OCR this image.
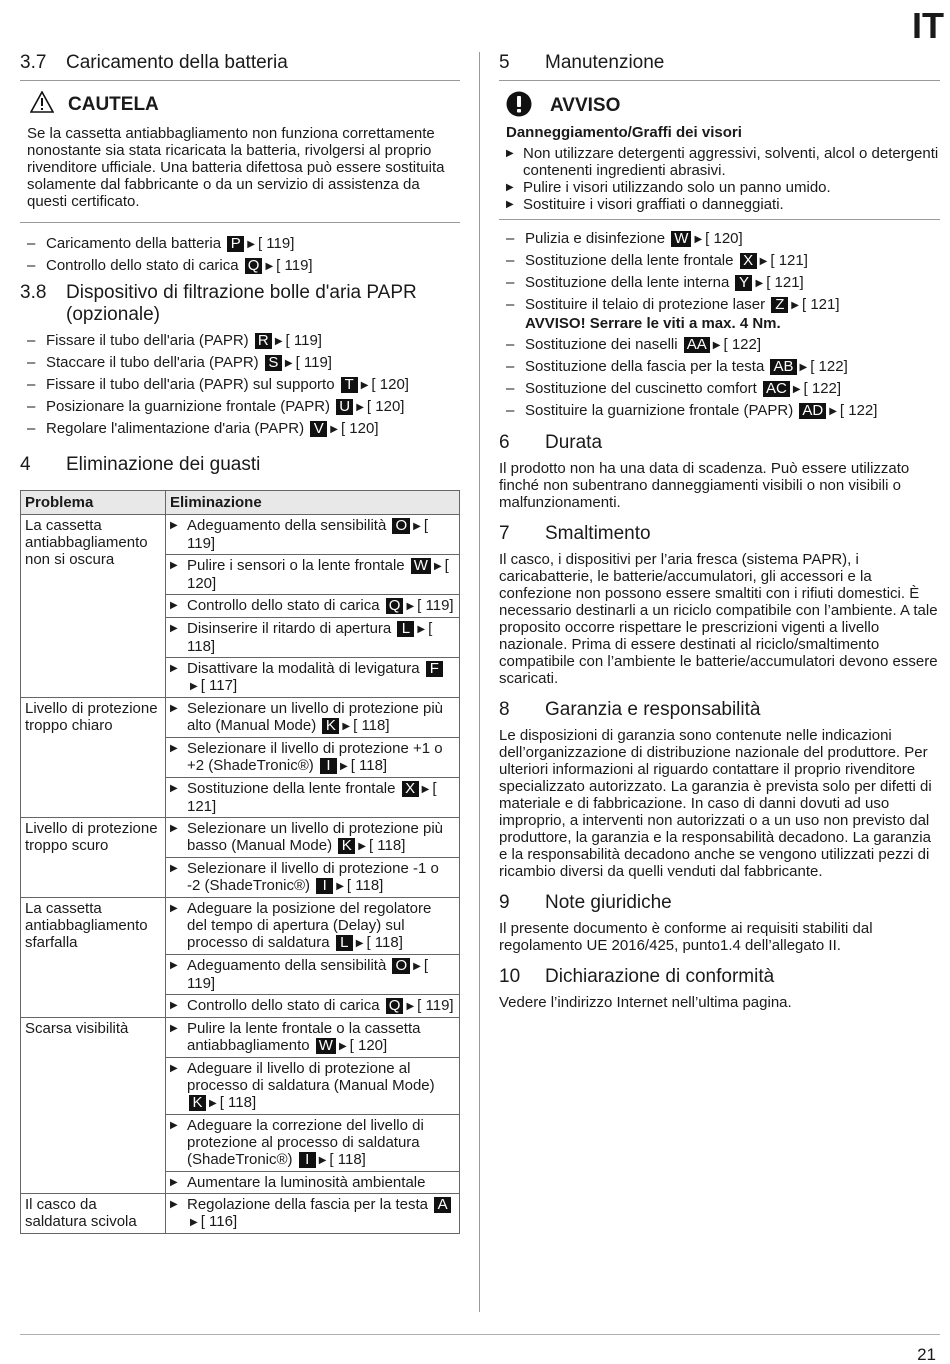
IT
3.7 Caricamento della batteria
CAUTELA
Se la cassetta antiabbagliamento non funziona correttamente nonostante sia stata ricaricata la batteria, rivolgersi al proprio rivenditore ufficiale. Una batteria difettosa può essere sostituita solamente dal fabbricante o da un servizio di assistenza da questi certificato.
– Caricamento della batteria P ▶ [ 119]
– Controllo dello stato di carica Q ▶ [ 119]
3.8	Dispositivo di filtrazione bolle d'aria PAPR (opzionale)
– Fissare il tubo dell'aria (PAPR) R ▶ [ 119]
– Staccare il tubo dell'aria (PAPR) S ▶ [ 119]
– Fissare il tubo dell'aria (PAPR) sul supporto T ▶ [ 120]
– Posizionare la guarnizione frontale (PAPR) U ▶ [ 120]
– Regolare l'alimentazione d'aria (PAPR) V ▶ [ 120]
4 Eliminazione dei guasti
Problema	Eliminazione
La cassetta antiabbagliamento non si oscura	▶ Adeguamento della sensibilità O ▶ [ 119]

	▶ Pulire i sensori o la lente frontale W ▶ [ 120]

	▶ Controllo dello stato di carica Q ▶ [ 119]

	▶ Disinserire il ritardo di apertura L ▶ [ 118]

	▶ Disattivare la modalità di levigatura F▶ [ 117]

Livello di protezione troppo chiaro	▶ Selezionare un livello di protezione più alto (Manual Mode) K ▶ [ 118]

	▶ Selezionare il livello di protezione +1 o +2 (ShadeTronic®) I ▶ [ 118]

	▶ Sostituzione della lente frontale X ▶ [ 121]

Livello di protezione troppo scuro	▶ Selezionare un livello di protezione più basso (Manual Mode) K ▶ [ 118]

	▶ Selezionare il livello di protezione -1 o -2 (ShadeTronic®) I ▶ [ 118]

La cassetta antiabbagliamento sfarfalla	▶ Adeguare la posizione del regolatore del tempo di apertura (Delay) sul processo di saldatura L ▶ [ 118]

	▶ Adeguamento della sensibilità O ▶ [ 119]

	▶ Controllo dello stato di carica Q ▶ [ 119]

Scarsa visibilità	▶ Pulire la lente frontale o la cassetta antiabbagliamento W ▶ [ 120]

	▶ Adeguare il livello di protezione al processo di saldatura (Manual Mode) K ▶ [ 118]

	▶ Adeguare la correzione del livello di protezione al processo di saldatura (ShadeTronic®) I ▶ [ 118]

	▶ Aumentare la luminosità ambientale

Il casco da saldatura scivola	▶ Regolazione della fascia per la testa A▶ [ 116]
5 Manutenzione
AVVISO
Danneggiamento/Graffi dei visori
▶ Non utilizzare detergenti aggressivi, solventi, alcol o detergenti contenenti ingredienti abrasivi.
▶ Pulire i visori utilizzando solo un panno umido.
▶ Sostituire i visori graffiati o danneggiati.
– Pulizia e disinfezione W ▶ [ 120]
– Sostituzione della lente frontale X ▶ [ 121]
– Sostituzione della lente interna Y ▶ [ 121]
– Sostituire il telaio di protezione laser Z ▶ [ 121]
AVVISO! Serrare le viti a max. 4 Nm.
– Sostituzione dei naselli AA ▶ [ 122]
– Sostituzione della fascia per la testa AB ▶ [ 122]
– Sostituzione del cuscinetto comfort AC ▶ [ 122]
– Sostituire la guarnizione frontale (PAPR) AD ▶ [ 122]
6 Durata
Il prodotto non ha una data di scadenza. Può essere utilizzato finché non subentrano danneggiamenti visibili o non visibili o malfunzionamenti.
7 Smaltimento
Il casco, i dispositivi per l’aria fresca (sistema PAPR), i caricabatterie, le batterie/accumulatori, gli accessori e la confezione non possono essere smaltiti con i rifiuti domestici. È necessario destinarli a un riciclo compatibile con l’ambiente. A tale proposito occorre rispettare le prescrizioni vigenti a livello nazionale. Prima di essere destinati al riciclo/smaltimento compatibile con l’ambiente le batterie/accumulatori devono essere scaricati.
8 Garanzia e responsabilità
Le disposizioni di garanzia sono contenute nelle indicazioni dell’organizzazione di distribuzione nazionale del produttore. Per ulteriori informazioni al riguardo contattare il proprio rivenditore specializzato autorizzato. La garanzia è prevista solo per difetti di materiale e di fabbricazione. In caso di danni dovuti ad uso improprio, a interventi non autorizzati o a un uso non previsto dal produttore, la garanzia e la responsabilità decadono. La garanzia e la responsabilità decadono anche se vengono utilizzati pezzi di ricambio diversi da quelli venduti dal fabbricante.
9 Note giuridiche
Il presente documento è conforme ai requisiti stabiliti dal regolamento UE 2016/425, punto1.4 dell’allegato II.
10 Dichiarazione di conformità
Vedere l’indirizzo Internet nell’ultima pagina.
21
